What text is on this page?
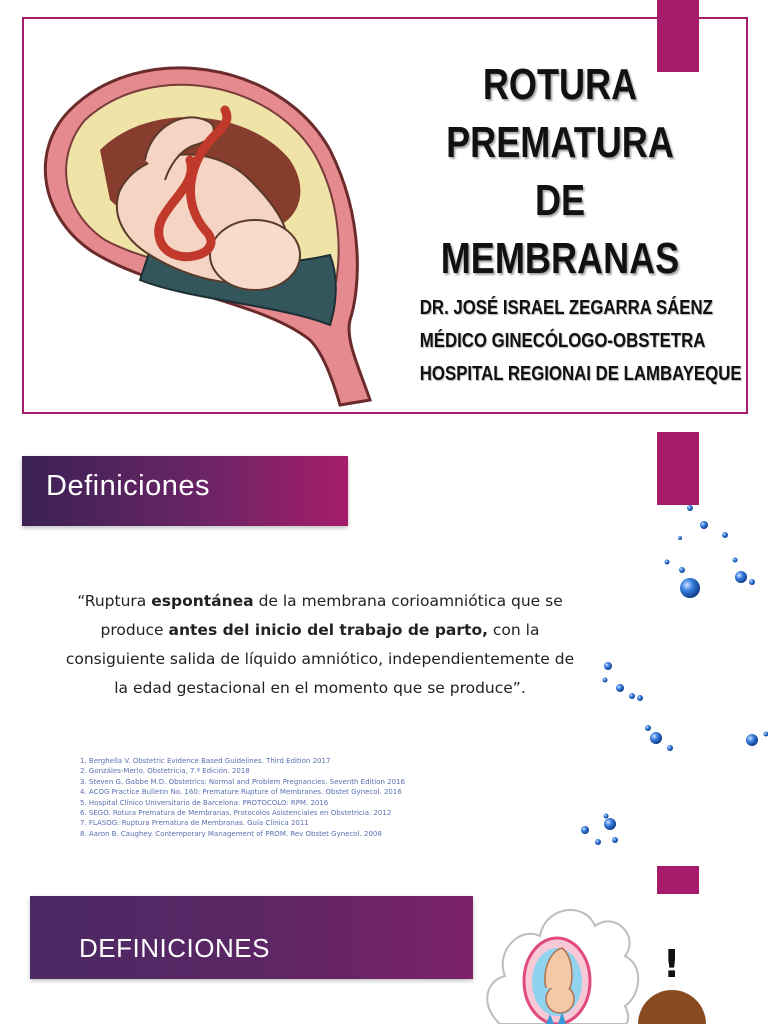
ROTURA
PREMATURA
DE MEMBRANAS
DR. JOSÉ ISRAEL ZEGARRA SÁENZ
MÉDICO GINECÓLOGO-OBSTETRA
HOSPITAL REGIONAI DE LAMBAYEQUE
Definiciones
“Ruptura espontánea de la membrana corioamniótica que se produce antes del inicio del trabajo de parto, con la consiguiente salida de líquido amniótico, independientemente de la edad gestacional en el momento que se produce”.
1. Berghella V. Obstetric Evidence Based Guidelines. Third Edition 2017
2. Gonzáles-Merlo. Obstetricia, 7.ª Edición. 2018
3. Steven G. Gabbe M.D. Obstetrics: Normal and Problem Pregnancies. Seventh Edition 2016
4. ACOG Practice Bulletin No. 160: Premature Rupture of Membranes. Obstet Gynecol. 2016
5. Hospital Clínico Universitario de Barcelona: PROTOCOLO: RPM. 2016
6. SEGO. Rotura Prematura de Membranas. Protocolos Asistenciales en Obstetricia. 2012
7. FLASOG: Ruptura Prematura de Membranas. Guía Clínica 2011
8. Aaron B. Caughey. Contemporary Management of PROM. Rev Obstet Gynecol. 2008
DEFINICIONES	!
